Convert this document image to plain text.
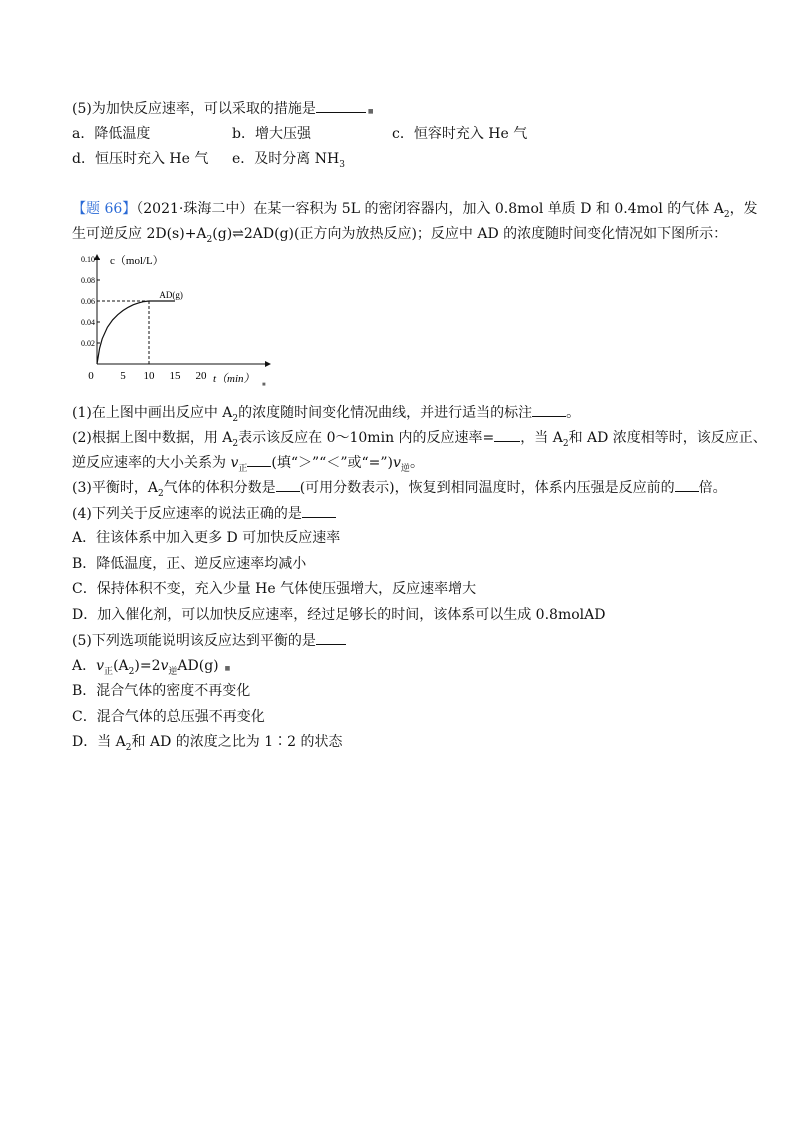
(5)为加快反应速率，可以采取的措施是	■
a．降低温度	b．增大压强	c．恒容时充入 He 气
d．恒压时充入 He 气 e．及时分离 $NH_3$
【题 66】（2021·珠海二中）在某一容积为 5L 的密闭容器内，加入 0.8mol 单质 D 和 0.4mol 的气体 $A_2$，发
生可逆反应 $2D(s)+A_2(g)\rightleftharpoons 2AD(g)$(正方向为放热反应)；反应中 AD 的浓度随时间变化情况如下图所示：
c（mol/L）
t（min）
0.10
0.08
0.06
0.04
0.02
0 5 10 15 20
AD(g)
■
(1)在上图中画出反应中 $A_2$的浓度随时间变化情况曲线，并进行适当的标注 。
(2)根据上图中数据，用 $A_2$表示该反应在 0～10min 内的反应速率= ，当 $A_2$和 AD 浓度相等时，该反应正、
逆反应速率的大小关系为 $v_正$ (填“＞”“＜”或“$=”)v_逆$。
(3)平衡时，$A_2$气体的体积分数是 (可用分数表示)，恢复到相同温度时，体系内压强是反应前的 倍。
(4)下列关于反应速率的说法正确的是
A．往该体系中加入更多 D 可加快反应速率
B．降低温度，正、逆反应速率均减小
C．保持体积不变，充入少量 He 气体使压强增大，反应速率增大
D．加入催化剂，可以加快反应速率，经过足够长的时间，该体系可以生成 0.8molAD
(5)下列选项能说明该反应达到平衡的是
A．$v_正(A_2)=2v_逆AD(g)$ ■
B．混合气体的密度不再变化
C．混合气体的总压强不再变化
D．当 $A_2$和 AD 的浓度之比为 1∶2 的状态
